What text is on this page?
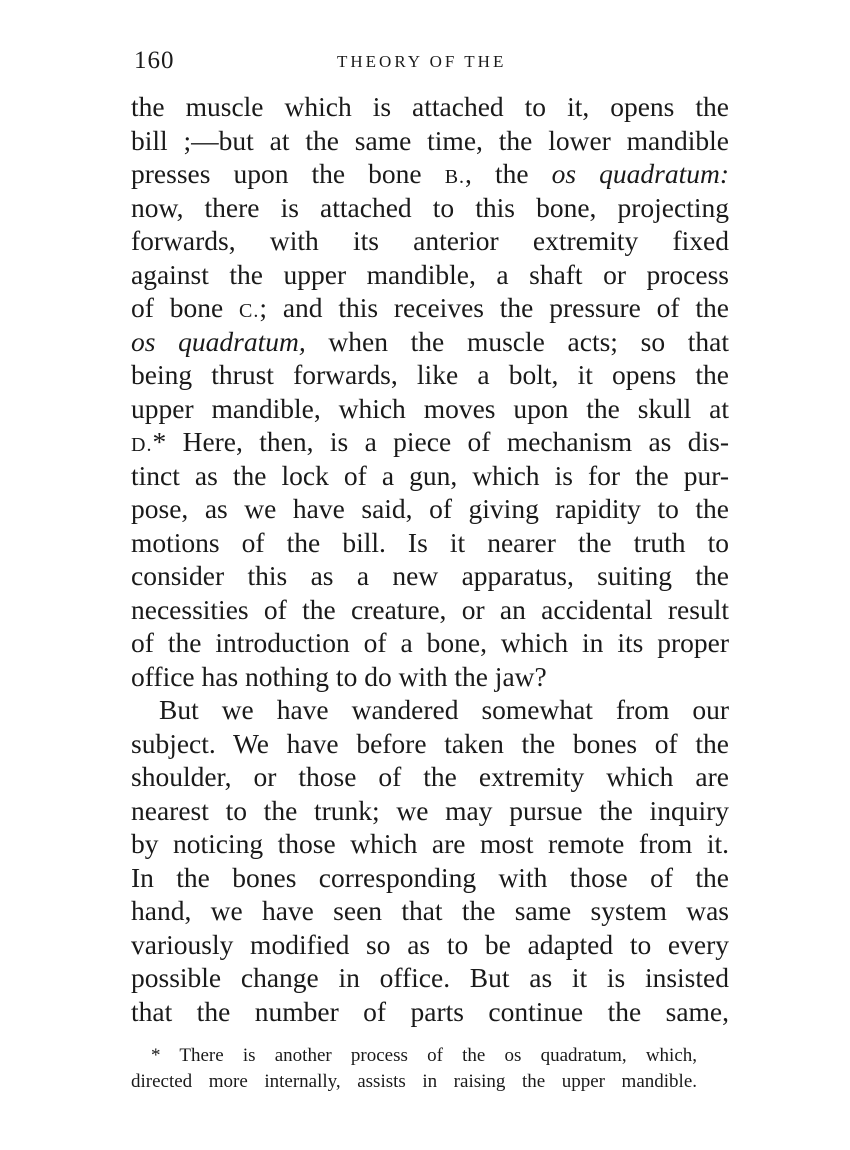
160	THEORY OF THE
the muscle which is attached to it, opens the
bill ;—but at the same time, the lower mandible
presses upon the bone B., the os quadratum:
now, there is attached to this bone, projecting
forwards, with its anterior extremity fixed
against the upper mandible, a shaft or process
of bone C.; and this receives the pressure of the
os quadratum, when the muscle acts; so that
being thrust forwards, like a bolt, it opens the
upper mandible, which moves upon the skull at
D.* Here, then, is a piece of mechanism as dis-
tinct as the lock of a gun, which is for the pur-
pose, as we have said, of giving rapidity to the
motions of the bill. Is it nearer the truth to
consider this as a new apparatus, suiting the
necessities of the creature, or an accidental result
of the introduction of a bone, which in its proper
office has nothing to do with the jaw?
But we have wandered somewhat from our
subject. We have before taken the bones of the
shoulder, or those of the extremity which are
nearest to the trunk; we may pursue the inquiry
by noticing those which are most remote from it.
In the bones corresponding with those of the
hand, we have seen that the same system was
variously modified so as to be adapted to every
possible change in office. But as it is insisted
that the number of parts continue the same,
* There is another process of the os quadratum, which,
directed more internally, assists in raising the upper mandible.
